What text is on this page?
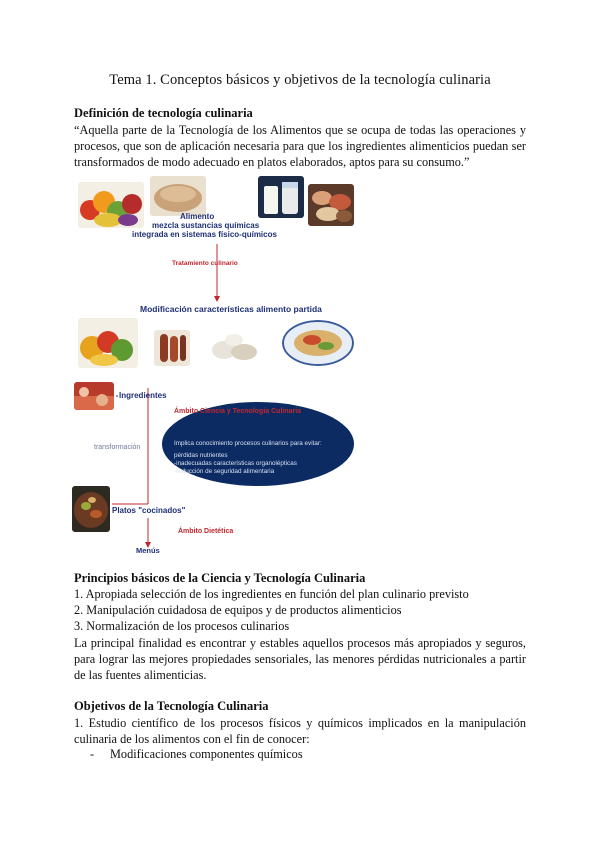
Tema 1. Conceptos básicos y objetivos de la tecnología culinaria
Definición de tecnología culinaria
“Aquella parte de la Tecnología de los Alimentos que se ocupa de todas las operaciones y procesos, que son de aplicación necesaria para que los ingredientes alimenticios puedan ser transformados de modo adecuado en platos elaborados, aptos para su consumo.”
Alimento
mezcla sustancias químicas
integrada en sistemas físico-químicos
Tratamiento culinario
Modificación características alimento partida
Ingredientes
Ámbito Ciencia y Tecnología Culinaria
transformación
Implica conocimiento procesos culinarios para evitar:
pérdidas nutrientes
-inadecuadas características organolépticas
-reducción de seguridad alimentaria
Platos "cocinados"
Ámbito Dietética
Menús
Principios básicos de la Ciencia y Tecnología Culinaria
1. Apropiada selección de los ingredientes en función del plan culinario previsto
2. Manipulación cuidadosa de equipos y de productos alimenticios
3. Normalización de los procesos culinarios
La principal finalidad es encontrar y estables aquellos procesos más apropiados y seguros, para lograr las mejores propiedades sensoriales, las menores pérdidas nutricionales a partir de las fuentes alimenticias.
Objetivos de la Tecnología Culinaria
1. Estudio científico de los procesos físicos y químicos implicados en la manipulación culinaria de los alimentos con el fin de conocer:
- Modificaciones componentes químicos
